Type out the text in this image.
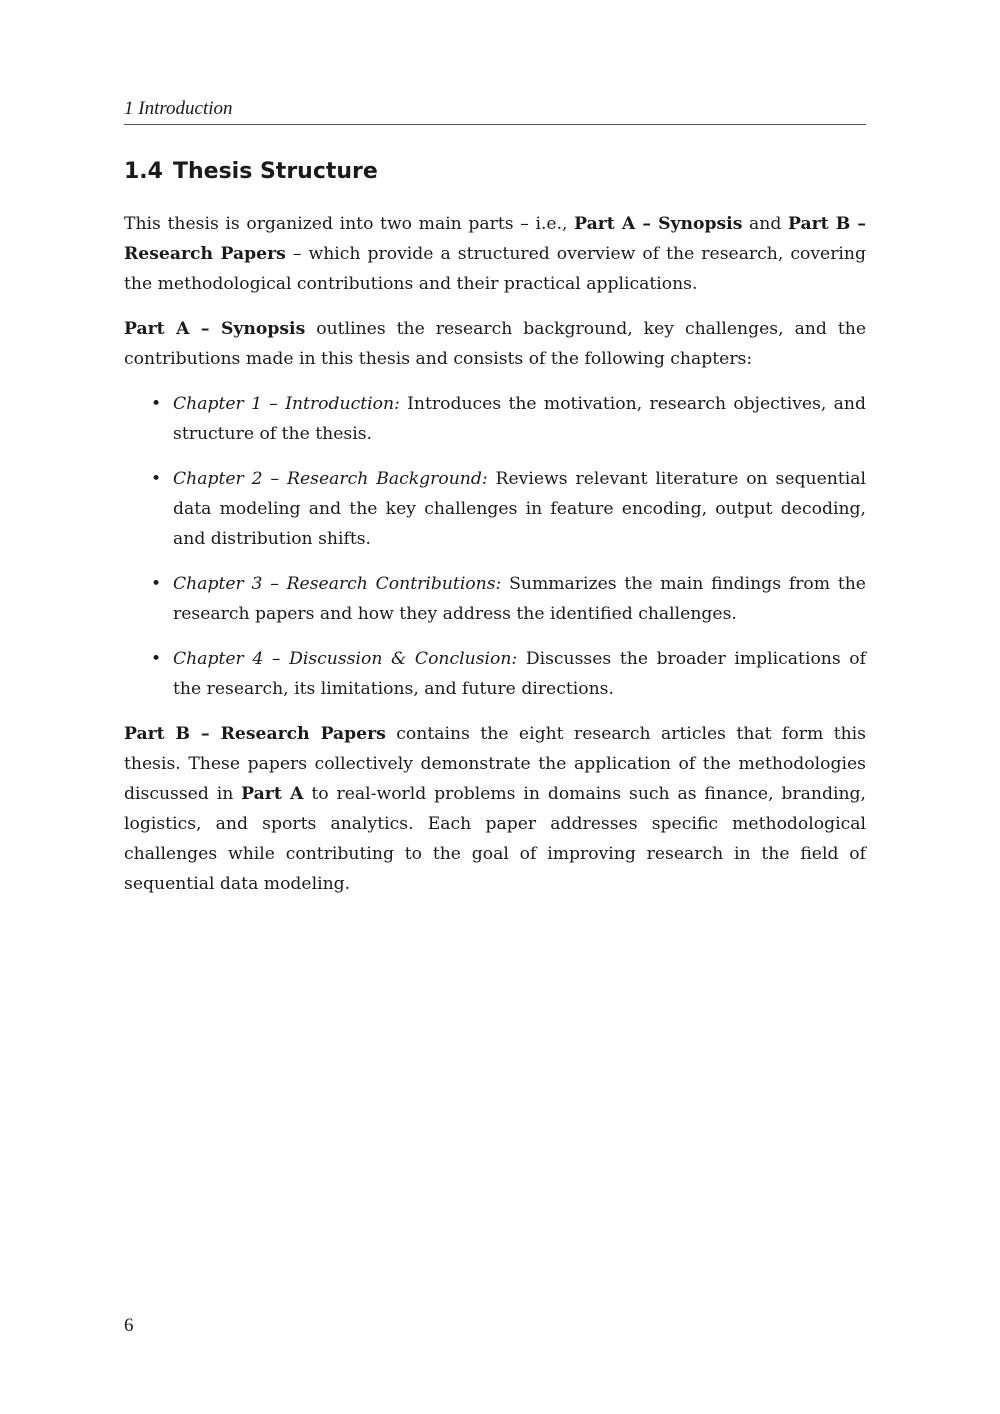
1 Introduction
1.4 Thesis Structure

This thesis is organized into two main parts – i.e., Part A – Synopsis and Part B – Research Papers – which provide a structured overview of the research, covering the methodological contributions and their practical applications.

Part A – Synopsis outlines the research background, key challenges, and the contributions made in this thesis and consists of the following chapters:

• Chapter 1 – Introduction: Introduces the motivation, research objectives, and structure of the thesis.
• Chapter 2 – Research Background: Reviews relevant literature on sequential data modeling and the key challenges in feature encoding, output decoding, and distribution shifts.
• Chapter 3 – Research Contributions: Summarizes the main findings from the research papers and how they address the identified challenges.
• Chapter 4 – Discussion & Conclusion: Discusses the broader implications of the research, its limitations, and future directions.

Part B – Research Papers contains the eight research articles that form this thesis. These papers collectively demonstrate the application of the methodologies discussed in Part A to real-world problems in domains such as finance, branding, logistics, and sports analytics. Each paper addresses specific methodological challenges while contributing to the goal of improving research in the field of sequential data modeling.

6
